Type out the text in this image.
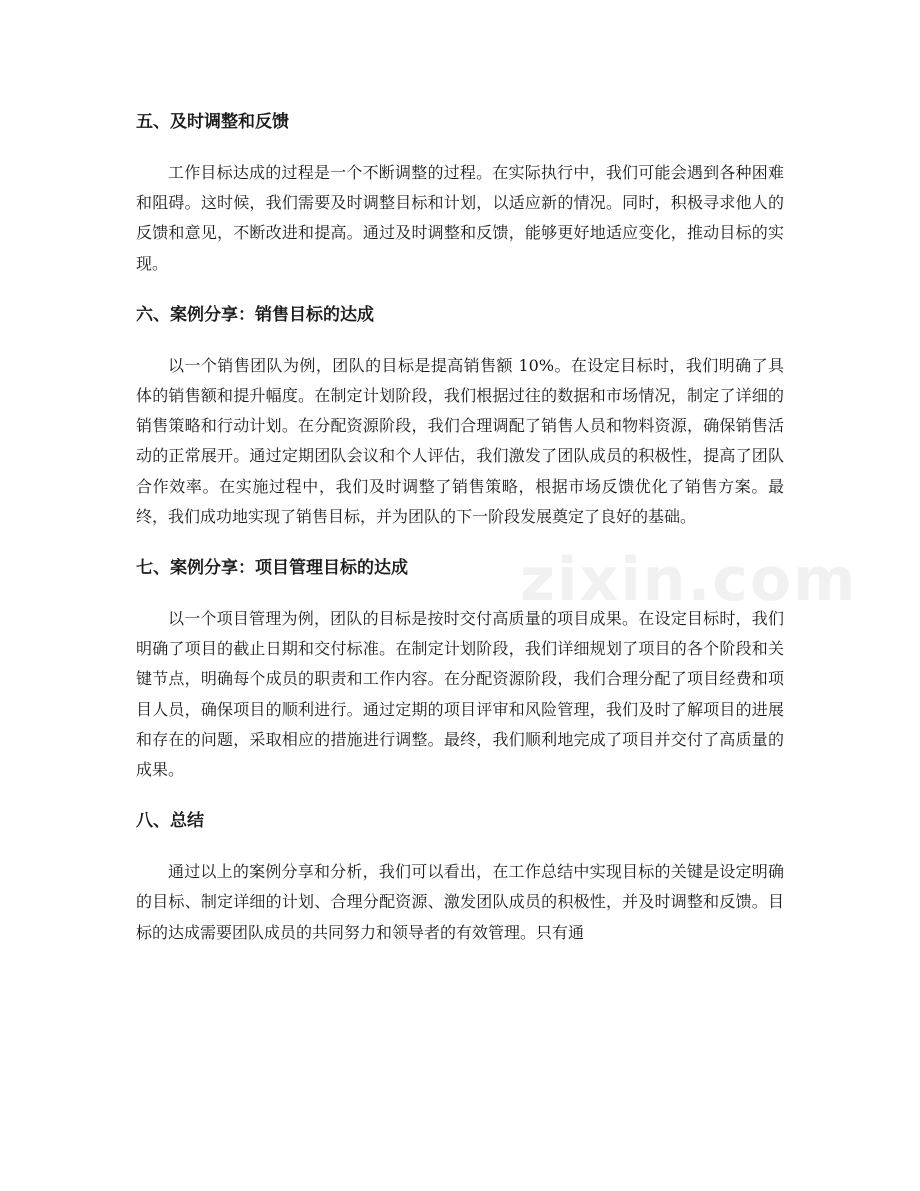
zixin.com
五、及时调整和反馈

工作目标达成的过程是一个不断调整的过程。在实际执行中，我们可能会遇到各种困难和阻碍。这时候，我们需要及时调整目标和计划，以适应新的情况。同时，积极寻求他人的反馈和意见，不断改进和提高。通过及时调整和反馈，能够更好地适应变化，推动目标的实现。

六、案例分享：销售目标的达成

以一个销售团队为例，团队的目标是提高销售额 10%。在设定目标时，我们明确了具体的销售额和提升幅度。在制定计划阶段，我们根据过往的数据和市场情况，制定了详细的销售策略和行动计划。在分配资源阶段，我们合理调配了销售人员和物料资源，确保销售活动的正常展开。通过定期团队会议和个人评估，我们激发了团队成员的积极性，提高了团队合作效率。在实施过程中，我们及时调整了销售策略，根据市场反馈优化了销售方案。最终，我们成功地实现了销售目标，并为团队的下一阶段发展奠定了良好的基础。

七、案例分享：项目管理目标的达成

以一个项目管理为例，团队的目标是按时交付高质量的项目成果。在设定目标时，我们明确了项目的截止日期和交付标准。在制定计划阶段，我们详细规划了项目的各个阶段和关键节点，明确每个成员的职责和工作内容。在分配资源阶段，我们合理分配了项目经费和项目人员，确保项目的顺利进行。通过定期的项目评审和风险管理，我们及时了解项目的进展和存在的问题，采取相应的措施进行调整。最终，我们顺利地完成了项目并交付了高质量的成果。

八、总结

通过以上的案例分享和分析，我们可以看出，在工作总结中实现目标的关键是设定明确的目标、制定详细的计划、合理分配资源、激发团队成员的积极性，并及时调整和反馈。目标的达成需要团队成员的共同努力和领导者的有效管理。只有通
